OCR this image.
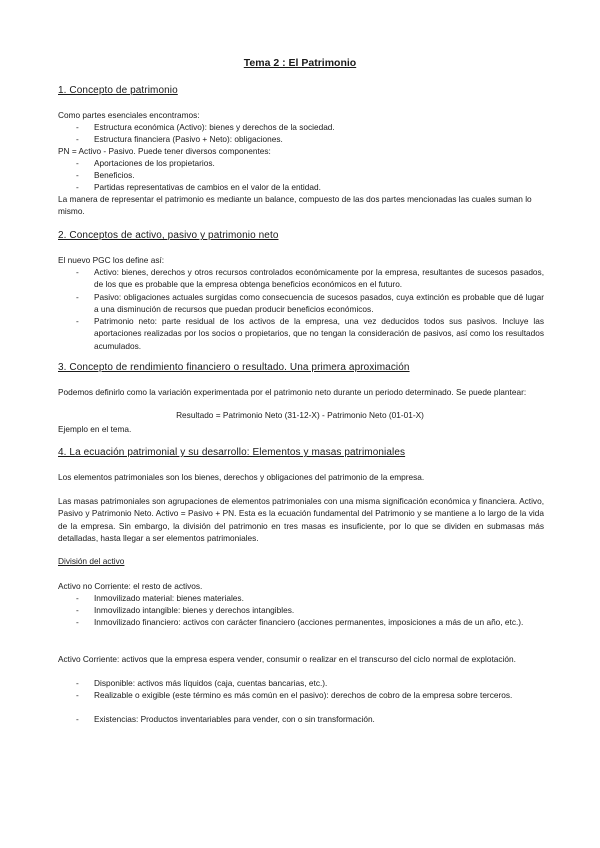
Tema 2 : El Patrimonio
1. Concepto de patrimonio
Como partes esenciales encontramos:
- Estructura económica (Activo): bienes y derechos de la sociedad.
- Estructura financiera (Pasivo + Neto): obligaciones.
PN = Activo - Pasivo. Puede tener diversos componentes:
- Aportaciones de los propietarios.
- Beneficios.
- Partidas representativas de cambios en el valor de la entidad.
La manera de representar el patrimonio es mediante un balance, compuesto de las dos partes mencionadas las cuales suman lo mismo.
2. Conceptos de activo, pasivo y patrimonio neto
El nuevo PGC los define así:
- Activo: bienes, derechos y otros recursos controlados económicamente por la empresa, resultantes de sucesos pasados, de los que es probable que la empresa obtenga beneficios económicos en el futuro.
- Pasivo: obligaciones actuales surgidas como consecuencia de sucesos pasados, cuya extinción es probable que dé lugar a una disminución de recursos que puedan producir beneficios económicos.
- Patrimonio neto: parte residual de los activos de la empresa, una vez deducidos todos sus pasivos. Incluye las aportaciones realizadas por los socios o propietarios, que no tengan la consideración de pasivos, así como los resultados acumulados.
3. Concepto de rendimiento financiero o resultado. Una primera aproximación
Podemos definirlo como la variación experimentada por el patrimonio neto durante un periodo determinado. Se puede plantear:
Resultado = Patrimonio Neto (31-12-X) - Patrimonio Neto (01-01-X)
Ejemplo en el tema.
4. La ecuación patrimonial y su desarrollo: Elementos y masas patrimoniales
Los elementos patrimoniales son los bienes, derechos y obligaciones del patrimonio de la empresa.
Las masas patrimoniales son agrupaciones de elementos patrimoniales con una misma significación económica y financiera. Activo, Pasivo y Patrimonio Neto. Activo = Pasivo + PN. Esta es la ecuación fundamental del Patrimonio y se mantiene a lo largo de la vida de la empresa. Sin embargo, la división del patrimonio en tres masas es insuficiente, por lo que se dividen en submasas más detalladas, hasta llegar a ser elementos patrimoniales.
División del activo
Activo no Corriente: el resto de activos.
- Inmovilizado material: bienes materiales.
- Inmovilizado intangible: bienes y derechos intangibles.
- Inmovilizado financiero: activos con carácter financiero (acciones permanentes, imposiciones a más de un año, etc.).
Activo Corriente: activos que la empresa espera vender, consumir o realizar en el transcurso del ciclo normal de explotación.
- Disponible: activos más líquidos (caja, cuentas bancarias, etc.).
- Realizable o exigible (este término es más común en el pasivo): derechos de cobro de la empresa sobre terceros.
- Existencias: Productos inventariables para vender, con o sin transformación.
